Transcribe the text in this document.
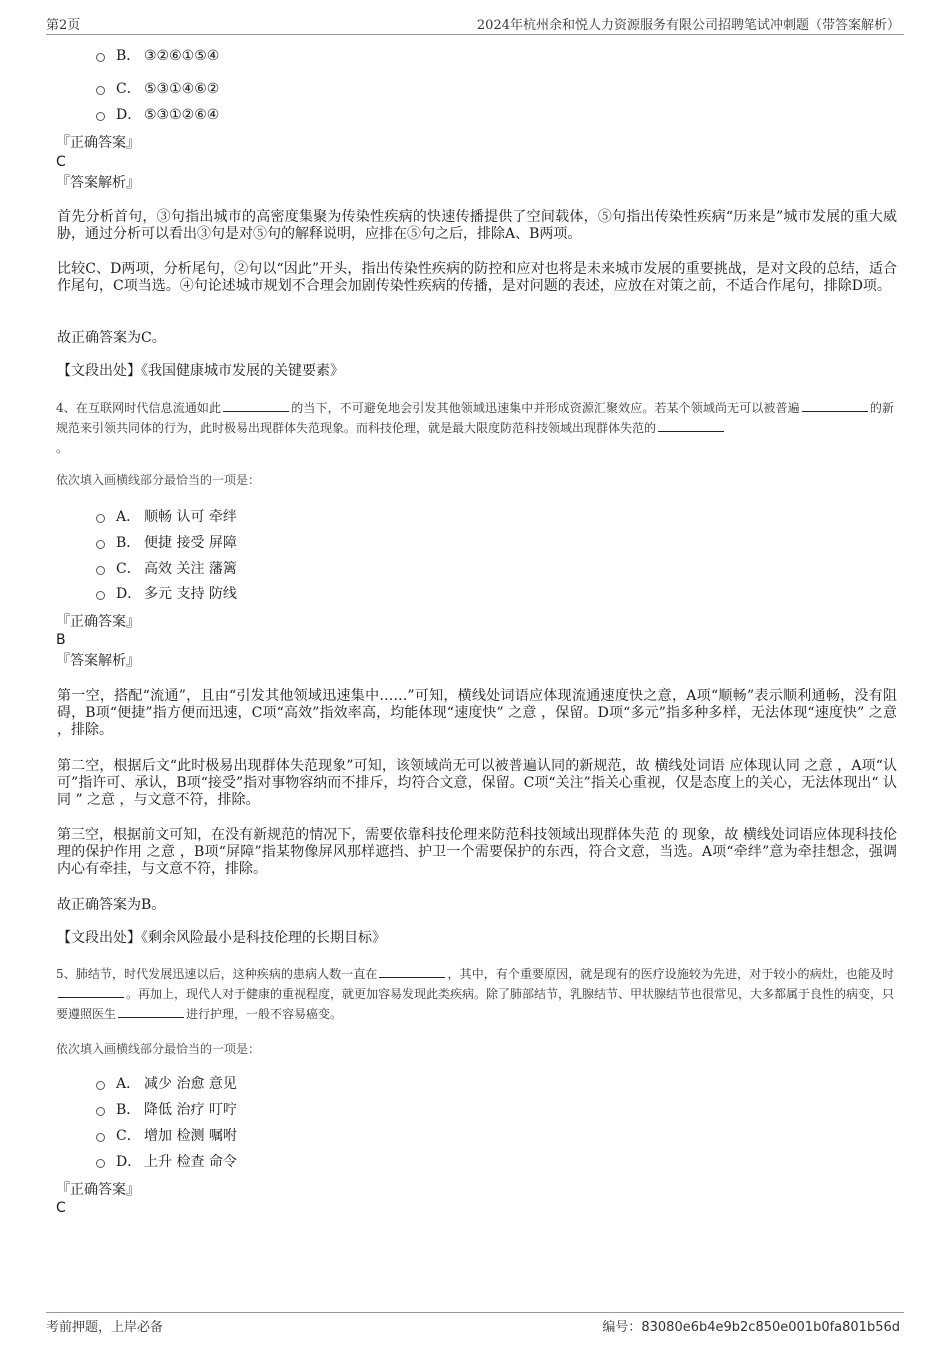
第2页	2024年杭州余和悦人力资源服务有限公司招聘笔试冲刺题（带答案解析）
B． ③②⑥①⑤④
C． ⑤③①④⑥②
D． ⑤③①②⑥④
『正确答案』
C
『答案解析』
首先分析首句，③句指出城市的高密度集聚为传染性疾病的快速传播提供了空间载体，⑤句指出传染性疾病“历来是”城市发展的重大威胁，通过分析可以看出③句是对⑤句的解释说明，应排在⑤句之后，排除A、B两项。
比较C、D两项，分析尾句，②句以“因此”开头，指出传染性疾病的防控和应对也将是未来城市发展的重要挑战，是对文段的总结，适合作尾句，C项当选。④句论述城市规划不合理会加剧传染性疾病的传播，是对问题的表述，应放在对策之前，不适合作尾句，排除D项。
故正确答案为C。
【文段出处】《我国健康城市发展的关键要素》
4、在互联网时代信息流通如此	的当下，不可避免地会引发其他领域迅速集中并形成资源汇聚效应。若某个领域尚无可以被普遍	的新规范来引领共同体的行为，此时极易出现群体失范现象。而科技伦理，就是最大限度防范科技领域出现群体失范的
。
依次填入画横线部分最恰当的一项是：
A． 顺畅 认可 牵绊
B． 便捷 接受 屏障
C． 高效 关注 藩篱
D． 多元 支持 防线
『正确答案』
B
『答案解析』
第一空，搭配“流通”，且由“引发其他领域迅速集中……”可知，横线处词语应体现流通速度快之意，A项“顺畅”表示顺利通畅，没有阻碍，B项“便捷”指方便而迅速，C项“高效”指效率高，均能体现“速度快” 之意 ，保留。D项“多元”指多种多样，无法体现“速度快” 之意 ，排除。
第二空，根据后文“此时极易出现群体失范现象”可知，该领域尚无可以被普遍认同的新规范，故 横线处词语 应体现认同 之意 ，A项“认可”指许可、承认，B项“接受”指对事物容纳而不排斥，均符合文意，保留。C项“关注”指关心重视，仅是态度上的关心，无法体现出“ 认同 ” 之意 ，与文意不符，排除。
第三空，根据前文可知，在没有新规范的情况下，需要依靠科技伦理来防范科技领域出现群体失范 的 现象，故 横线处词语应体现科技伦理的保护作用 之意 ，B项“屏障”指某物像屏风那样遮挡、护卫一个需要保护的东西，符合文意，当选。A项“牵绊”意为牵挂想念，强调内心有牵挂，与文意不符，排除。
故正确答案为B。
【文段出处】《剩余风险最小是科技伦理的长期目标》
5、肺结节，时代发展迅速以后，这种疾病的患病人数一直在	，其中，有个重要原因，就是现有的医疗设施较为先进，对于较小的病灶，也能及时。再加上，现代人对于健康的重视程度，就更加容易发现此类疾病。除了肺部结节，乳腺结节、甲状腺结节也很常见，大多都属于良性的病变，只要遵照医生	进行护理，一般不容易癌变。
依次填入画横线部分最恰当的一项是：
A． 减少 治愈 意见
B． 降低 治疗 叮咛
C． 增加 检测 嘱咐
D． 上升 检查 命令
『正确答案』
C
考前押题，上岸必备	编号：83080e6b4e9b2c850e001b0fa801b56d
